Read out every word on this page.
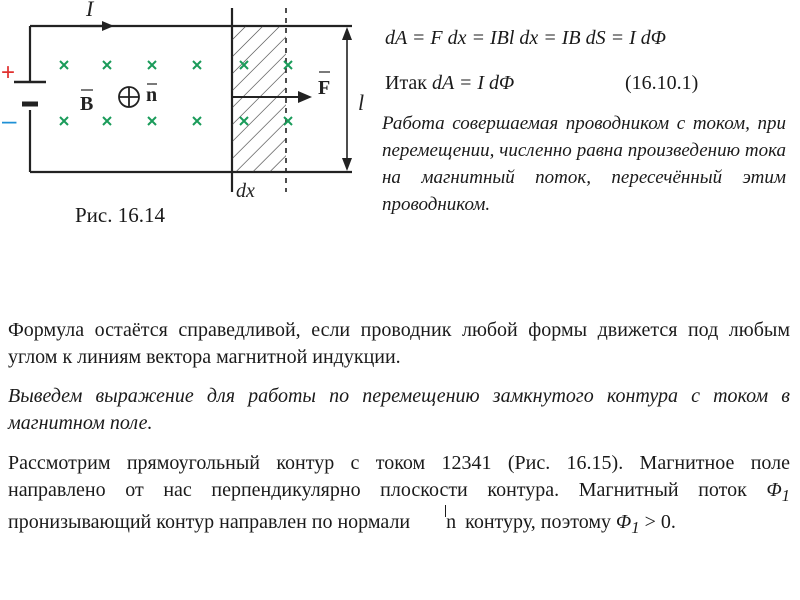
+
–
I
B	n	F
l
dx
Рис. 16.14
dA = F dx = IBl dx = IB dS = I dΦ
Итак dA = I dΦ	(16.10.1)
Работа совершаемая проводником с током, при перемещении, численно равна произведению тока на магнитный поток, пересечённый этим проводником.

Формула остаётся справедливой, если проводник любой формы движется под любым углом к линиям вектора магнитной индукции.

Выведем выражение для работы по перемещению замкнутого контура с током в магнитном поле.

Рассмотрим прямоугольный контур с током 12341 (Рис. 16.15). Магнитное поле направлено от нас перпендикулярно плоскости контура. Магнитный поток $\Phi_1$ пронизывающий контур направлен по нормали n контуру, поэтому $\Phi_1 > 0$.
